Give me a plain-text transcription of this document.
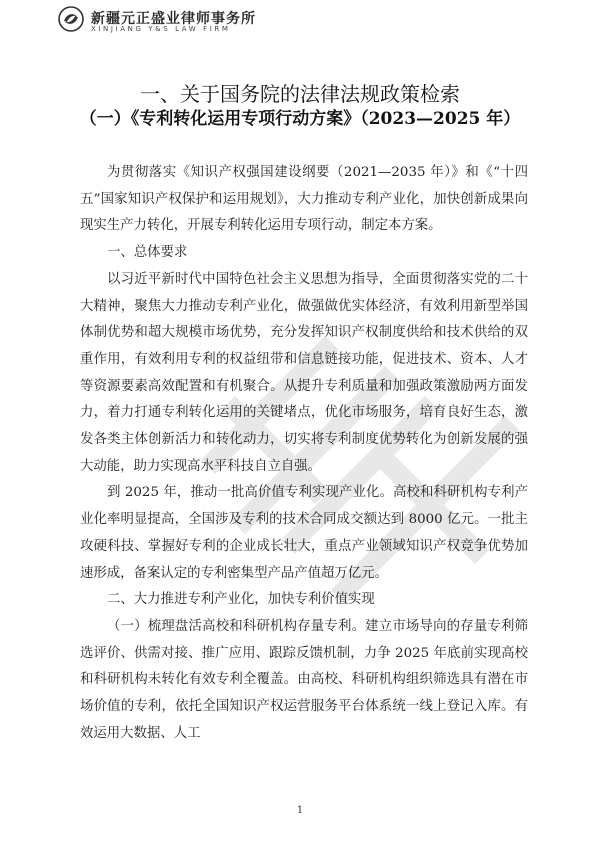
新疆元正盛业律师事务所
XINJIANG Y&S LAW FIRM
一、关于国务院的法律法规政策检索
（一）《专利转化运用专项行动方案》（2023—2025 年）

为贯彻落实《知识产权强国建设纲要（2021—2035 年）》和《“十四五”国家知识产权保护和运用规划》，大力推动专利产业化，加快创新成果向现实生产力转化，开展专利转化运用专项行动，制定本方案。

一、总体要求

以习近平新时代中国特色社会主义思想为指导，全面贯彻落实党的二十大精神，聚焦大力推动专利产业化，做强做优实体经济，有效利用新型举国体制优势和超大规模市场优势，充分发挥知识产权制度供给和技术供给的双重作用，有效利用专利的权益纽带和信息链接功能，促进技术、资本、人才等资源要素高效配置和有机聚合。从提升专利质量和加强政策激励两方面发力，着力打通专利转化运用的关键堵点，优化市场服务，培育良好生态，激发各类主体创新活力和转化动力，切实将专利制度优势转化为创新发展的强大动能，助力实现高水平科技自立自强。

到 2025 年，推动一批高价值专利实现产业化。高校和科研机构专利产业化率明显提高，全国涉及专利的技术合同成交额达到 8000 亿元。一批主攻硬科技、掌握好专利的企业成长壮大，重点产业领域知识产权竞争优势加速形成，备案认定的专利密集型产品产值超万亿元。

二、大力推进专利产业化，加快专利价值实现

（一）梳理盘活高校和科研机构存量专利。建立市场导向的存量专利筛选评价、供需对接、推广应用、跟踪反馈机制，力争 2025 年底前实现高校和科研机构未转化有效专利全覆盖。由高校、科研机构组织筛选具有潜在市场价值的专利，依托全国知识产权运营服务平台体系统一线上登记入库。有效运用大数据、人工

1
